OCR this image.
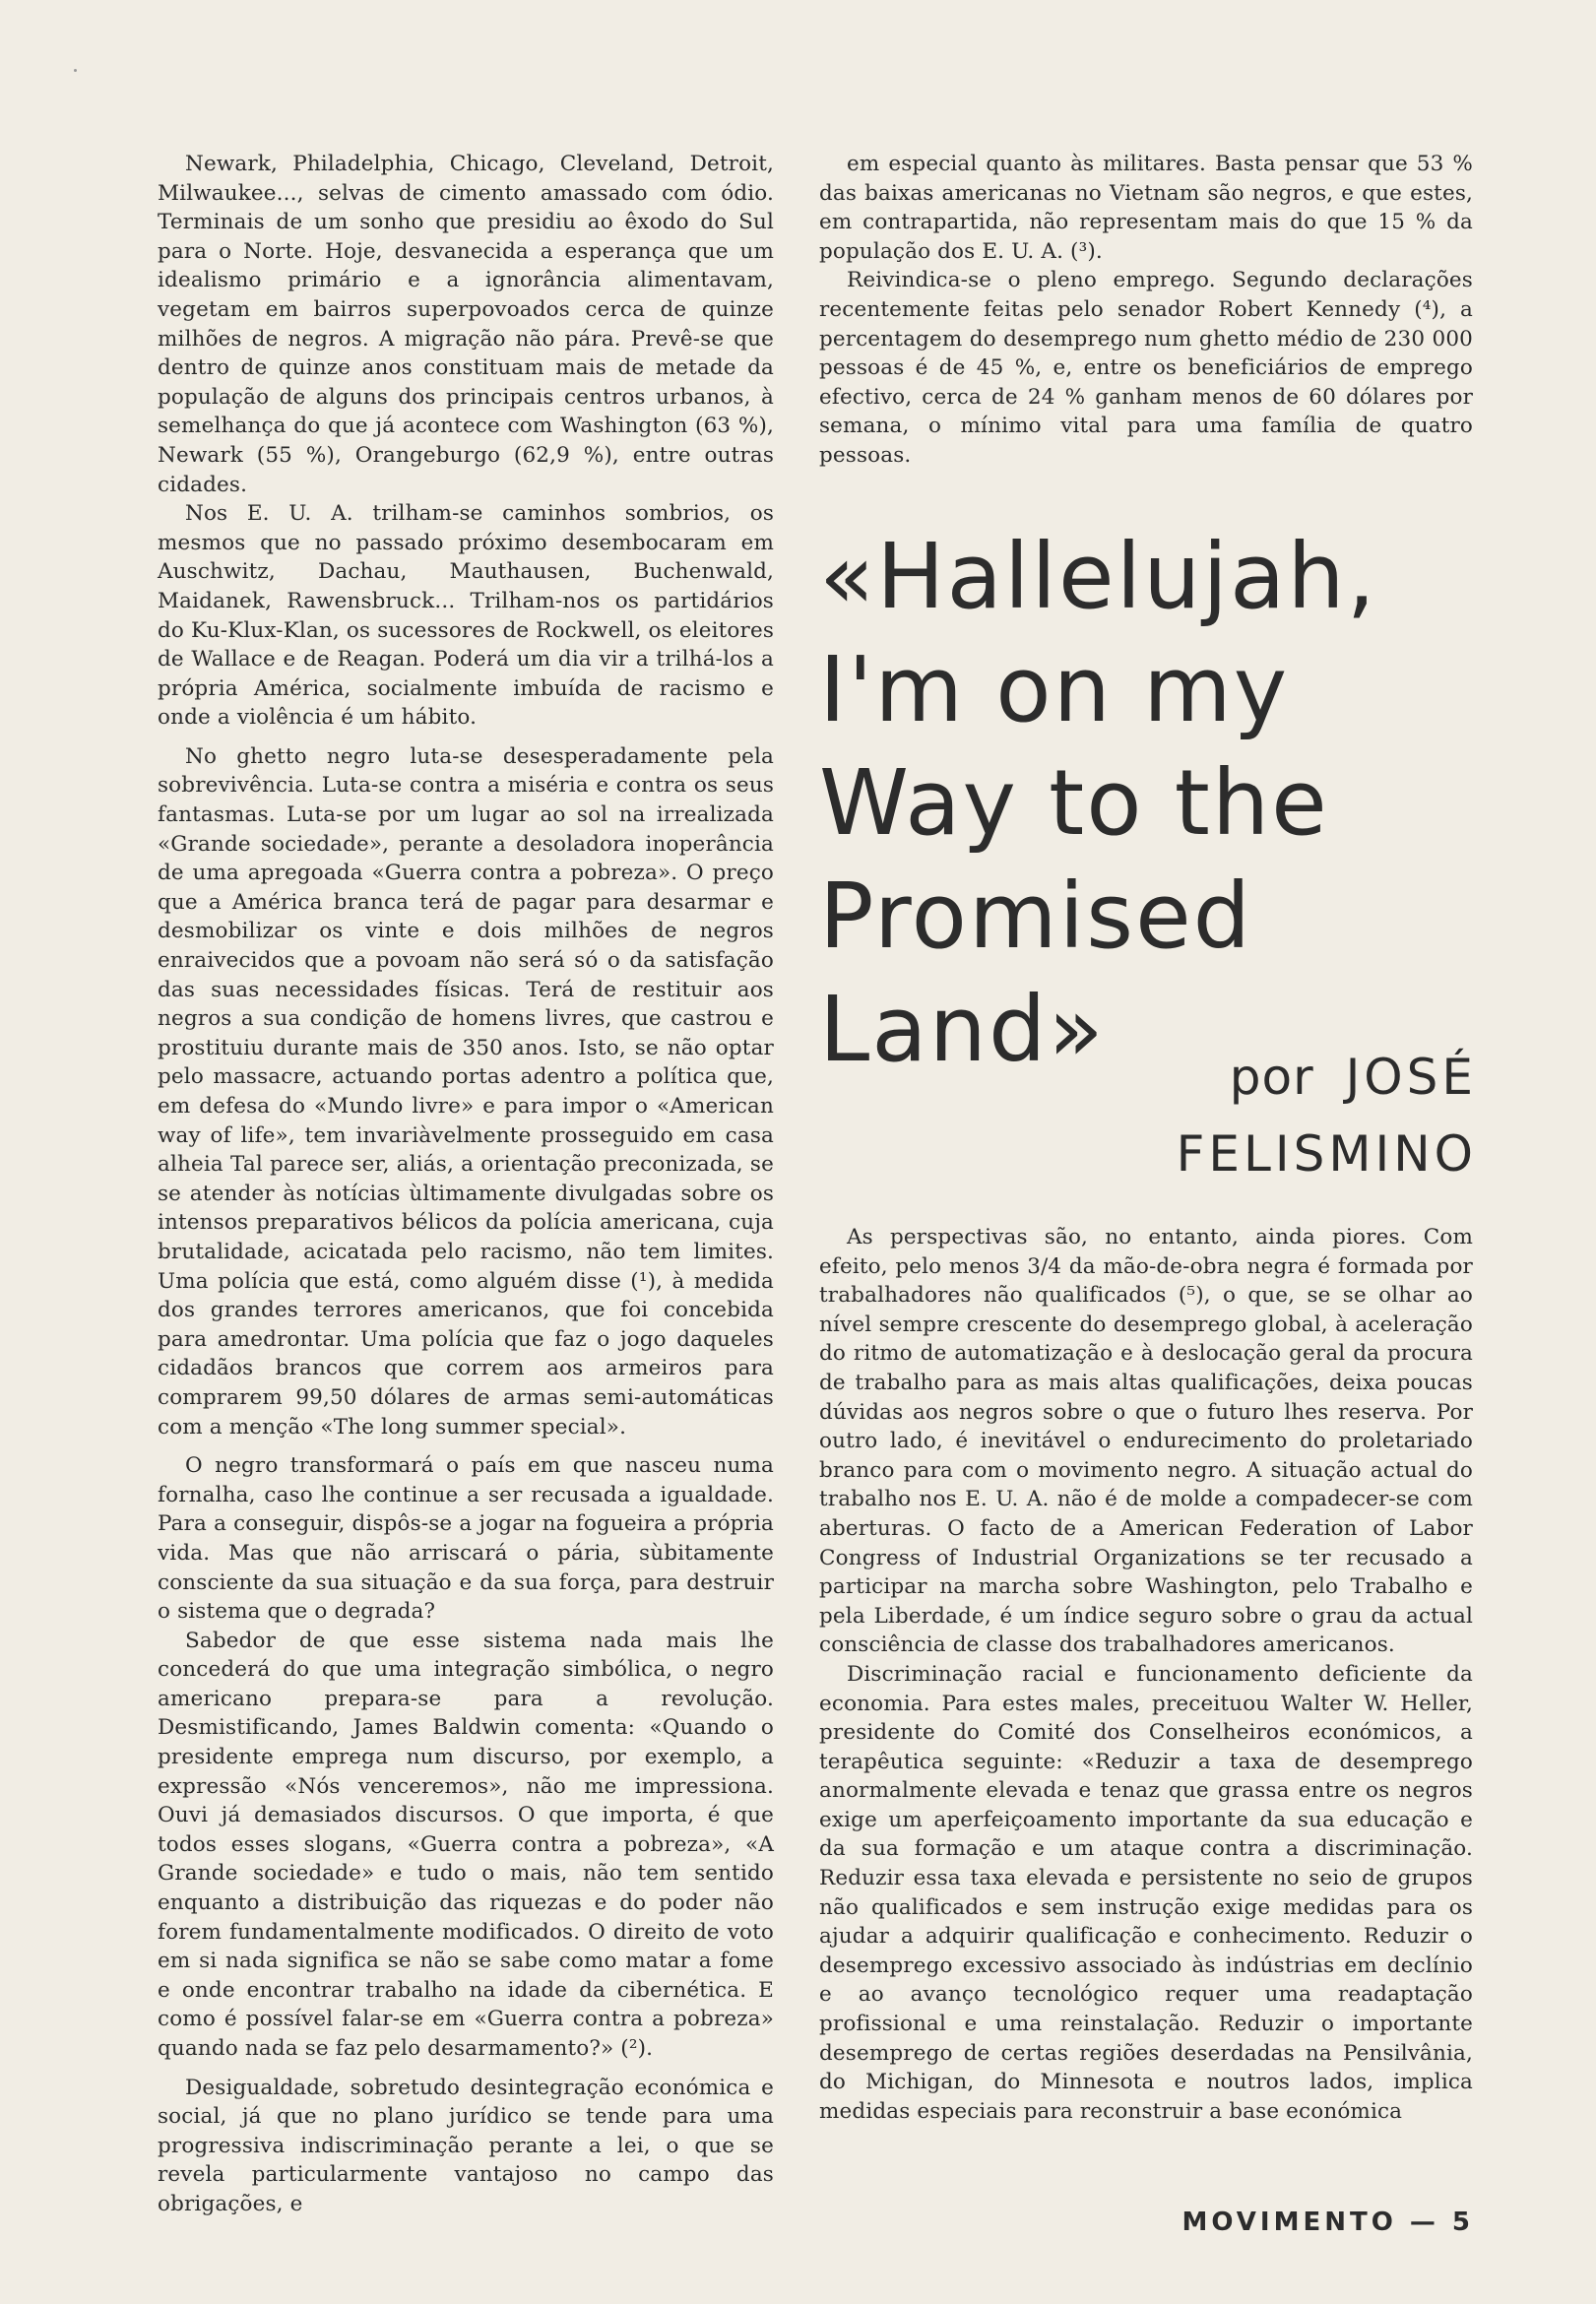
Newark, Philadelphia, Chicago, Cleveland, Detroit, Milwaukee..., selvas de cimento amassado com ódio. Terminais de um sonho que presidiu ao êxodo do Sul para o Norte. Hoje, desvanecida a esperança que um idealismo primário e a ignorância alimentavam, vegetam em bairros superpovoados cerca de quinze milhões de negros. A migração não pára. Prevê-se que dentro de quinze anos constituam mais de metade da população de alguns dos principais centros urbanos, à semelhança do que já acontece com Washington (63 %), Newark (55 %), Orangeburgo (62,9 %), entre outras cidades.

Nos E. U. A. trilham-se caminhos sombrios, os mesmos que no passado próximo desembocaram em Auschwitz, Dachau, Mauthausen, Buchenwald, Maidanek, Rawensbruck... Trilham-nos os partidários do Ku-Klux-Klan, os sucessores de Rockwell, os eleitores de Wallace e de Reagan. Poderá um dia vir a trilhá-los a própria América, socialmente imbuída de racismo e onde a violência é um hábito.

No ghetto negro luta-se desesperadamente pela sobrevivência. Luta-se contra a miséria e contra os seus fantasmas. Luta-se por um lugar ao sol na irrealizada «Grande sociedade», perante a desoladora inoperância de uma apregoada «Guerra contra a pobreza». O preço que a América branca terá de pagar para desarmar e desmobilizar os vinte e dois milhões de negros enraivecidos que a povoam não será só o da satisfação das suas necessidades físicas. Terá de restituir aos negros a sua condição de homens livres, que castrou e prostituiu durante mais de 350 anos. Isto, se não optar pelo massacre, actuando portas adentro a política que, em defesa do «Mundo livre» e para impor o «American way of life», tem invariàvelmente prosseguido em casa alheia Tal parece ser, aliás, a orientação preconizada, se se atender às notícias ùltimamente divulgadas sobre os intensos preparativos bélicos da polícia americana, cuja brutalidade, acicatada pelo racismo, não tem limites. Uma polícia que está, como alguém disse (¹), à medida dos grandes terrores americanos, que foi concebida para amedrontar. Uma polícia que faz o jogo daqueles cidadãos brancos que correm aos armeiros para comprarem 99,50 dólares de armas semi-automáticas com a menção «The long summer special».

O negro transformará o país em que nasceu numa fornalha, caso lhe continue a ser recusada a igualdade. Para a conseguir, dispôs-se a jogar na fogueira a própria vida. Mas que não arriscará o pária, sùbitamente consciente da sua situação e da sua força, para destruir o sistema que o degrada?

Sabedor de que esse sistema nada mais lhe concederá do que uma integração simbólica, o negro americano prepara-se para a revolução. Desmistificando, James Baldwin comenta: «Quando o presidente emprega num discurso, por exemplo, a expressão «Nós venceremos», não me impressiona. Ouvi já demasiados discursos. O que importa, é que todos esses slogans, «Guerra contra a pobreza», «A Grande sociedade» e tudo o mais, não tem sentido enquanto a distribuição das riquezas e do poder não forem fundamentalmente modificados. O direito de voto em si nada significa se não se sabe como matar a fome e onde encontrar trabalho na idade da cibernética. E como é possível falar-se em «Guerra contra a pobreza» quando nada se faz pelo desarmamento?» (²).

Desigualdade, sobretudo desintegração económica e social, já que no plano jurídico se tende para uma progressiva indiscriminação perante a lei, o que se revela particularmente vantajoso no campo das obrigações, e

em especial quanto às militares. Basta pensar que 53 % das baixas americanas no Vietnam são negros, e que estes, em contrapartida, não representam mais do que 15 % da população dos E. U. A. (³).

Reivindica-se o pleno emprego. Segundo declarações recentemente feitas pelo senador Robert Kennedy (⁴), a percentagem do desemprego num ghetto médio de 230 000 pessoas é de 45 %, e, entre os beneficiários de emprego efectivo, cerca de 24 % ganham menos de 60 dólares por semana, o mínimo vital para uma família de quatro pessoas.

«Hallelujah, I'm on my Way to the Promised Land»	por JOSÉ
FELISMINO

As perspectivas são, no entanto, ainda piores. Com efeito, pelo menos 3/4 da mão-de-obra negra é formada por trabalhadores não qualificados (⁵), o que, se se olhar ao nível sempre crescente do desemprego global, à aceleração do ritmo de automatização e à deslocação geral da procura de trabalho para as mais altas qualificações, deixa poucas dúvidas aos negros sobre o que o futuro lhes reserva. Por outro lado, é inevitável o endurecimento do proletariado branco para com o movimento negro. A situação actual do trabalho nos E. U. A. não é de molde a compadecer-se com aberturas. O facto de a American Federation of Labor Congress of Industrial Organizations se ter recusado a participar na marcha sobre Washington, pelo Trabalho e pela Liberdade, é um índice seguro sobre o grau da actual consciência de classe dos trabalhadores americanos.

Discriminação racial e funcionamento deficiente da economia. Para estes males, preceituou Walter W. Heller, presidente do Comité dos Conselheiros económicos, a terapêutica seguinte: «Reduzir a taxa de desemprego anormalmente elevada e tenaz que grassa entre os negros exige um aperfeiçoamento importante da sua educação e da sua formação e um ataque contra a discriminação. Reduzir essa taxa elevada e persistente no seio de grupos não qualificados e sem instrução exige medidas para os ajudar a adquirir qualificação e conhecimento. Reduzir o desemprego excessivo associado às indústrias em declínio e ao avanço tecnológico requer uma readaptação profissional e uma reinstalação. Reduzir o importante desemprego de certas regiões deserdadas na Pensilvânia, do Michigan, do Minnesota e noutros lados, implica medidas especiais para reconstruir a base económica

MOVIMENTO — 5
